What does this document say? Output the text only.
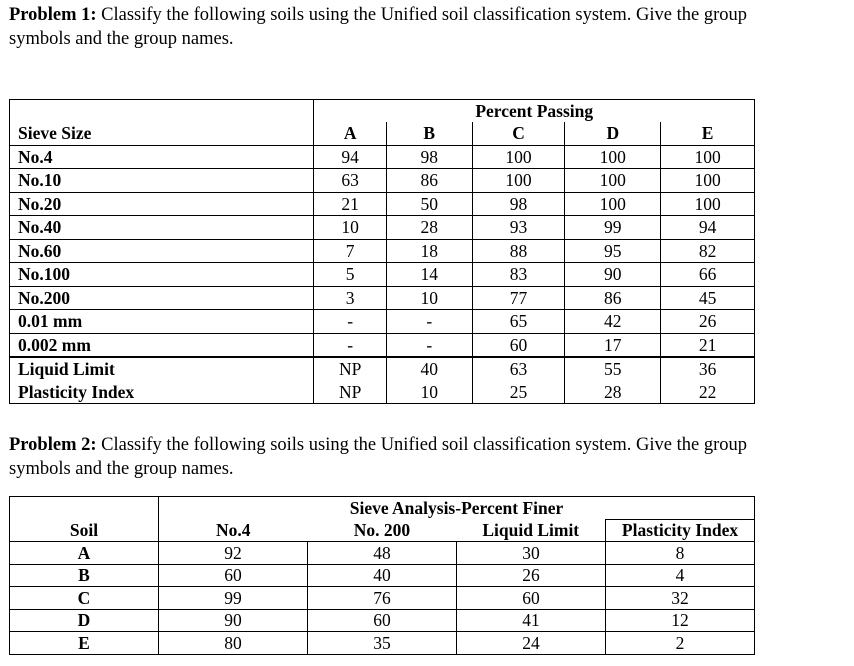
Problem 1: Classify the following soils using the Unified soil classification system. Give the group symbols and the group names.

	Percent Passing				
Sieve Size	A	B	C	D	E
No.4	94	98	100	100	100
No.10	63	86	100	100	100
No.20	21	50	98	100	100
No.40	10	28	93	99	94
No.60	7	18	88	95	82
No.100	5	14	83	90	66
No.200	3	10	77	86	45
0.01 mm	-	-	65	42	26
0.002 mm	-	-	60	17	21
Liquid Limit	NP	40	63	55	36
Plasticity Index	NP	10	25	28	22

Problem 2: Classify the following soils using the Unified soil classification system. Give the group symbols and the group names.

	Sieve Analysis-Percent Finer			
Soil	No.4	No. 200	Liquid Limit	Plasticity Index
A	92	48	30	8
B	60	40	26	4
C	99	76	60	32
D	90	60	41	12
E	80	35	24	2
